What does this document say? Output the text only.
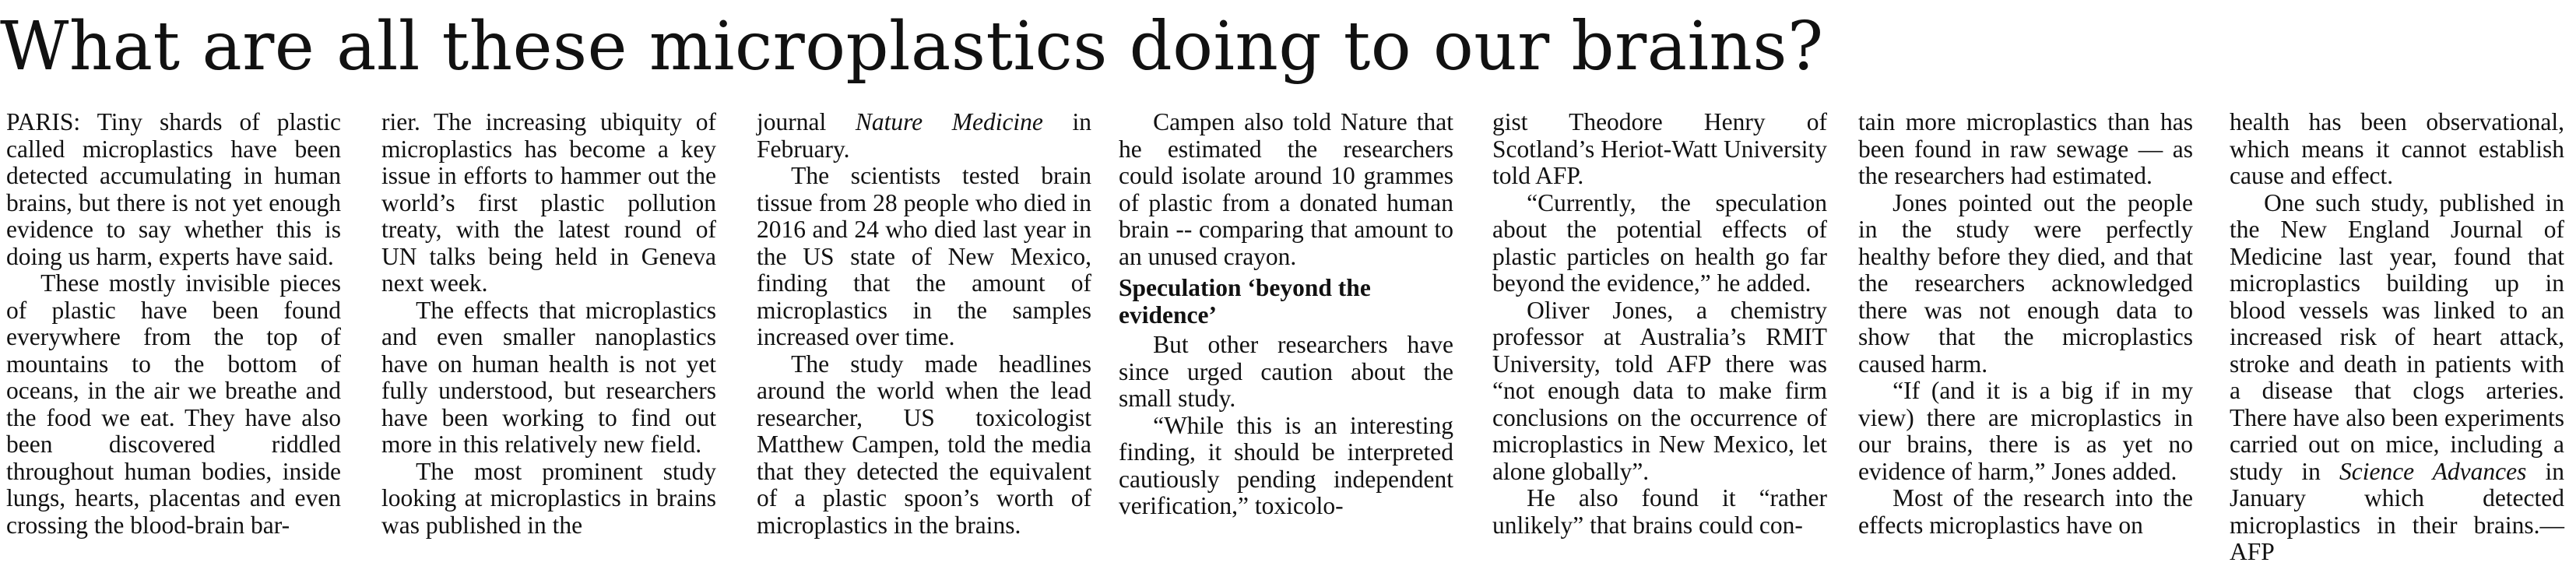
What are all these microplastics doing to our brains?

PARIS: Tiny shards of plastic called microplastics have been detected accumulating in human brains, but there is not yet enough evidence to say whether this is doing us harm, experts have said.

These mostly invisible pieces of plastic have been found everywhere from the top of mountains to the bottom of oceans, in the air we breathe and the food we eat. They have also been discovered riddled throughout human bodies, inside lungs, hearts, placentas and even crossing the blood-brain bar-

rier. The increasing ubiquity of microplastics has become a key issue in efforts to hammer out the world’s first plastic pollution treaty, with the latest round of UN talks being held in Geneva next week.

The effects that microplastics and even smaller nanoplastics have on human health is not yet fully understood, but researchers have been working to find out more in this relatively new field.

The most prominent study looking at microplastics in brains was published in the

journal Nature Medicine in February.

The scientists tested brain tissue from 28 people who died in 2016 and 24 who died last year in the US state of New Mexico, finding that the amount of microplastics in the samples increased over time.

The study made headlines around the world when the lead researcher, US toxicologist Matthew Campen, told the media that they detected the equivalent of a plastic spoon’s worth of microplastics in the brains.

Campen also told Nature that he estimated the researchers could isolate around 10 grammes of plastic from a donated human brain -- comparing that amount to an unused crayon.

Speculation ‘beyond the evidence’

But other researchers have since urged caution about the small study.

“While this is an interesting finding, it should be interpreted cautiously pending independent verification,” toxicolo-

gist Theodore Henry of Scotland’s Heriot-Watt University told AFP.

“Currently, the speculation about the potential effects of plastic particles on health go far beyond the evidence,” he added.

Oliver Jones, a chemistry professor at Australia’s RMIT University, told AFP there was “not enough data to make firm conclusions on the occurrence of microplastics in New Mexico, let alone globally”.

He also found it “rather unlikely” that brains could con-

tain more microplastics than has been found in raw sewage — as the researchers had estimated.

Jones pointed out the people in the study were perfectly healthy before they died, and that the researchers acknowledged there was not enough data to show that the microplastics caused harm.

“If (and it is a big if in my view) there are microplastics in our brains, there is as yet no evidence of harm,” Jones added.

Most of the research into the effects microplastics have on

health has been observational, which means it cannot establish cause and effect.

One such study, published in the New England Journal of Medicine last year, found that microplastics building up in blood vessels was linked to an increased risk of heart attack, stroke and death in patients with a disease that clogs arteries. There have also been experiments carried out on mice, including a study in Science Advances in January which detected microplastics in their brains.—AFP
